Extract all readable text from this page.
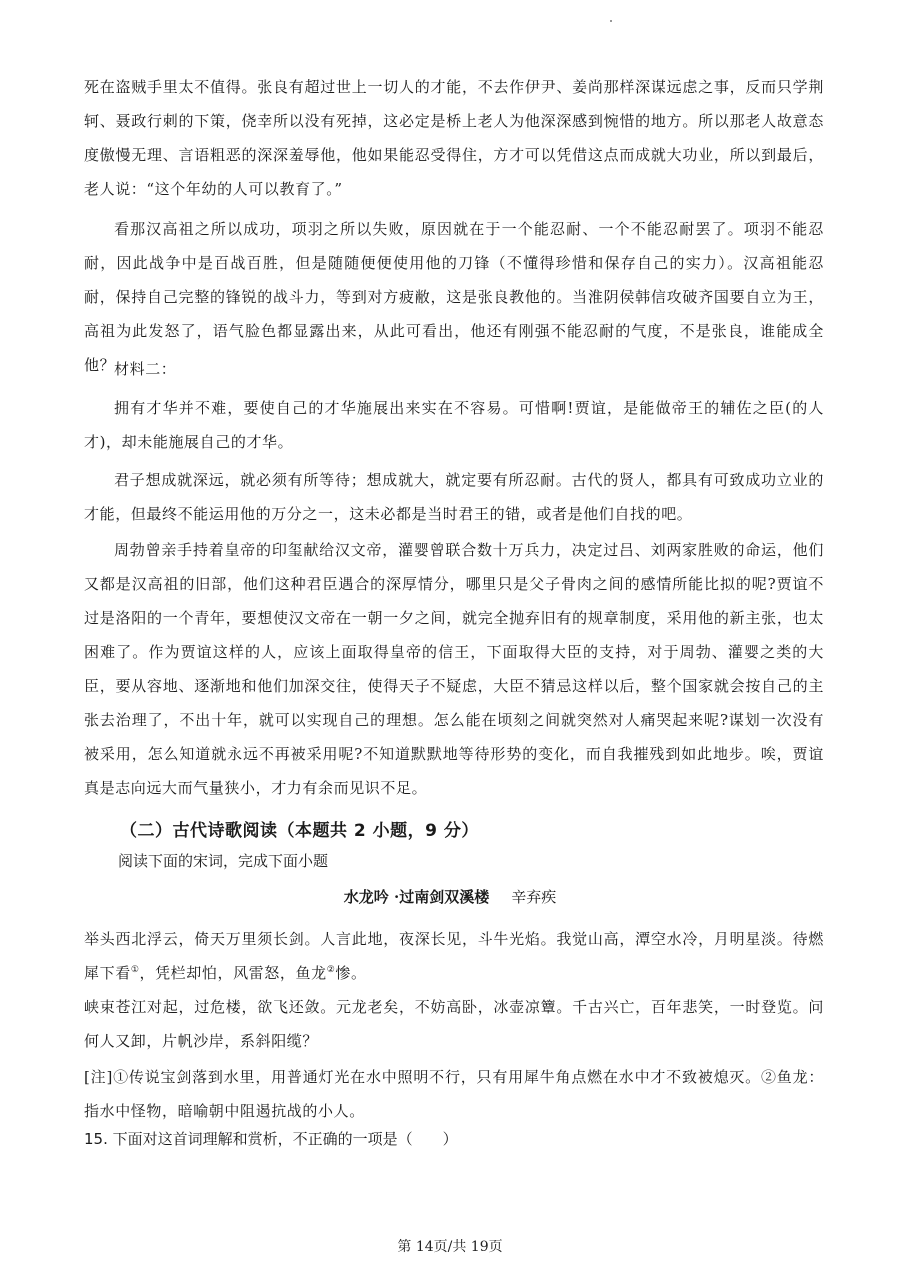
死在盗贼手里太不值得。张良有超过世上一切人的才能，不去作伊尹、姜尚那样深谋远虑之事，反而只学荆轲、聂政行刺的下策，侥幸所以没有死掉，这必定是桥上老人为他深深感到惋惜的地方。所以那老人故意态度傲慢无理、言语粗恶的深深羞辱他，他如果能忍受得住，方才可以凭借这点而成就大功业，所以到最后，老人说：“这个年幼的人可以教育了。”

看那汉高祖之所以成功，项羽之所以失败，原因就在于一个能忍耐、一个不能忍耐罢了。项羽不能忍耐，因此战争中是百战百胜，但是随随便便使用他的刀锋（不懂得珍惜和保存自己的实力）。汉高祖能忍耐，保持自己完整的锋锐的战斗力，等到对方疲敝，这是张良教他的。当淮阴侯韩信攻破齐国要自立为王，高祖为此发怒了，语气脸色都显露出来，从此可看出，他还有刚强不能忍耐的气度，不是张良，谁能成全他？

材料二：

拥有才华并不难，要使自己的才华施展出来实在不容易。可惜啊!贾谊，是能做帝王的辅佐之臣(的人才)，却未能施展自己的才华。

君子想成就深远，就必须有所等待；想成就大，就定要有所忍耐。古代的贤人，都具有可致成功立业的才能，但最终不能运用他的万分之一，这未必都是当时君王的错，或者是他们自找的吧。

周勃曾亲手持着皇帝的印玺献给汉文帝，灌婴曾联合数十万兵力，决定过吕、刘两家胜败的命运，他们又都是汉高祖的旧部，他们这种君臣遇合的深厚情分，哪里只是父子骨肉之间的感情所能比拟的呢?贾谊不过是洛阳的一个青年，要想使汉文帝在一朝一夕之间，就完全抛弃旧有的规章制度，采用他的新主张，也太困难了。作为贾谊这样的人，应该上面取得皇帝的信王，下面取得大臣的支持，对于周勃、灌婴之类的大臣，要从容地、逐渐地和他们加深交往，使得天子不疑虑，大臣不猜忌这样以后，整个国家就会按自己的主张去治理了，不出十年，就可以实现自己的理想。怎么能在顷刻之间就突然对人痛哭起来呢?谋划一次没有被采用，怎么知道就永远不再被采用呢?不知道默默地等待形势的变化，而自我摧残到如此地步。唉，贾谊真是志向远大而气量狭小，才力有余而见识不足。

（二）古代诗歌阅读（本题共 2 小题，9 分）

阅读下面的宋词，完成下面小题

水龙吟 ·过南剑双溪楼 辛弃疾

举头西北浮云，倚天万里须长剑。人言此地，夜深长见，斗牛光焰。我觉山高，潭空水冷，月明星淡。待燃犀下看①，凭栏却怕，风雷怒，鱼龙②惨。

峡束苍江对起，过危楼，欲飞还敛。元龙老矣，不妨高卧，冰壶凉簟。千古兴亡，百年悲笑，一时登览。问何人又卸，片帆沙岸，系斜阳缆？

[注]①传说宝剑落到水里，用普通灯光在水中照明不行，只有用犀牛角点燃在水中才不致被熄灭。②鱼龙：指水中怪物，暗喻朝中阻遏抗战的小人。

15. 下面对这首词理解和赏析，不正确的一项是（　　）

第 14页/共 19页
